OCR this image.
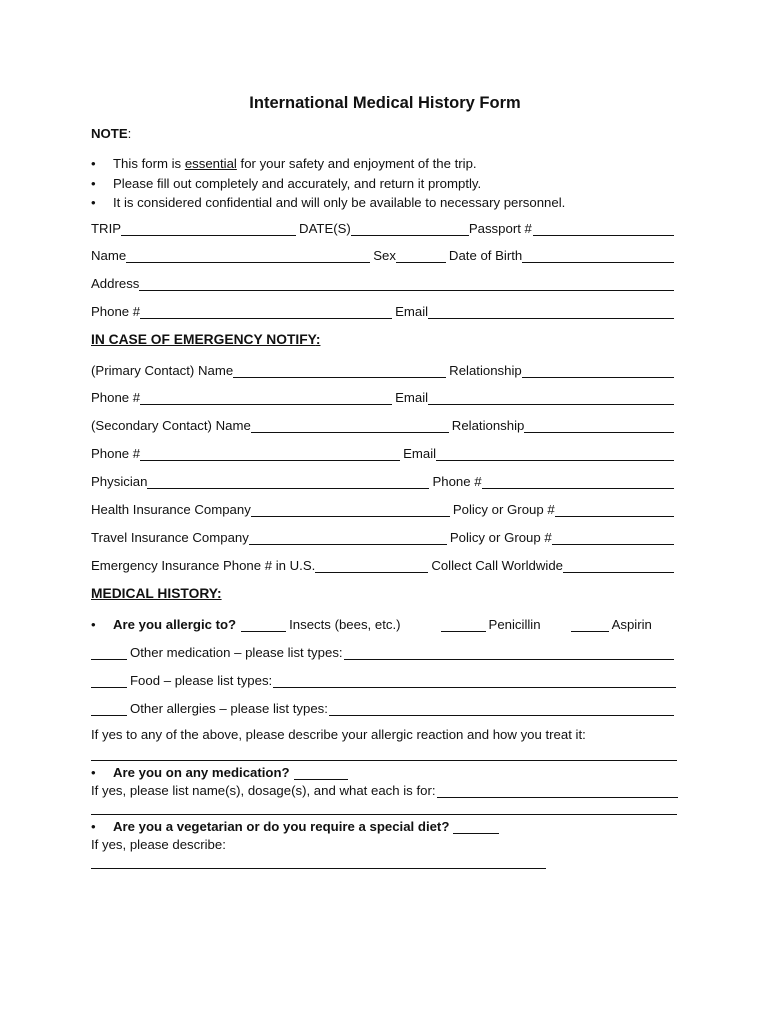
International Medical History Form
NOTE:
• This form is essential for your safety and enjoyment of the trip.
• Please fill out completely and accurately, and return it promptly.
• It is considered confidential and will only be available to necessary personnel.
TRIP	DATE(S)	Passport #
Name	Sex	Date of Birth
Address
Phone #	Email
IN CASE OF EMERGENCY NOTIFY:
(Primary Contact) Name	Relationship
Phone #	Email
(Secondary Contact) Name	Relationship
Phone #	Email
Physician	Phone #
Health Insurance Company	Policy or Group #
Travel Insurance Company	Policy or Group #
Emergency Insurance Phone # in U.S.	Collect Call Worldwide
MEDICAL HISTORY:
•	Are you allergic to?	Insects (bees, etc.)	Penicillin	Aspirin
Other medication – please list types:
Food – please list types:
Other allergies – please list types:
If yes to any of the above, please describe your allergic reaction and how you treat it:
•	Are you on any medication?
If yes, please list name(s), dosage(s), and what each is for:
•	Are you a vegetarian or do you require a special diet?
If yes, please describe:
